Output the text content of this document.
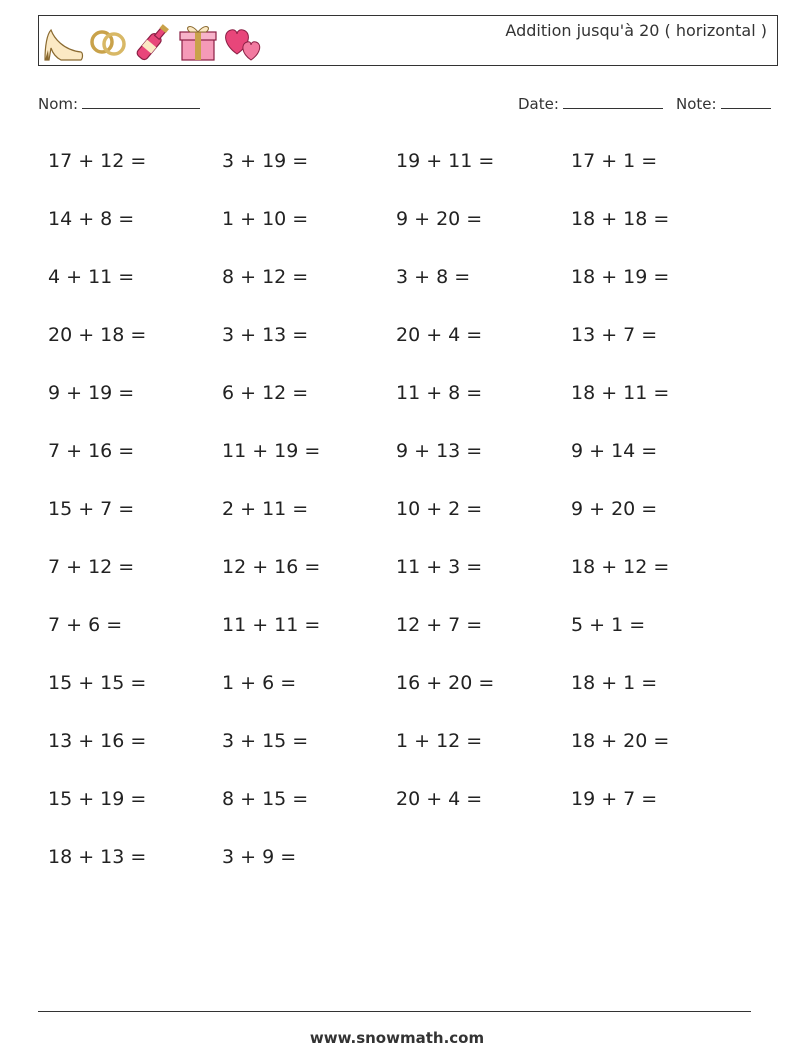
Addition jusqu'à 20 ( horizontal )
Nom:	Date:	Note:
17 + 12 =	3 + 19 =	19 + 11 =	17 + 1 =
14 + 8 =	1 + 10 =	9 + 20 =	18 + 18 =
4 + 11 =	8 + 12 =	3 + 8 =	18 + 19 =
20 + 18 =	3 + 13 =	20 + 4 =	13 + 7 =
9 + 19 =	6 + 12 =	11 + 8 =	18 + 11 =
7 + 16 =	11 + 19 =	9 + 13 =	9 + 14 =
15 + 7 =	2 + 11 =	10 + 2 =	9 + 20 =
7 + 12 =	12 + 16 =	11 + 3 =	18 + 12 =
7 + 6 =	11 + 11 =	12 + 7 =	5 + 1 =
15 + 15 =	1 + 6 =	16 + 20 =	18 + 1 =
13 + 16 =	3 + 15 =	1 + 12 =	18 + 20 =
15 + 19 =	8 + 15 =	20 + 4 =	19 + 7 =
18 + 13 =	3 + 9 =
www.snowmath.com
